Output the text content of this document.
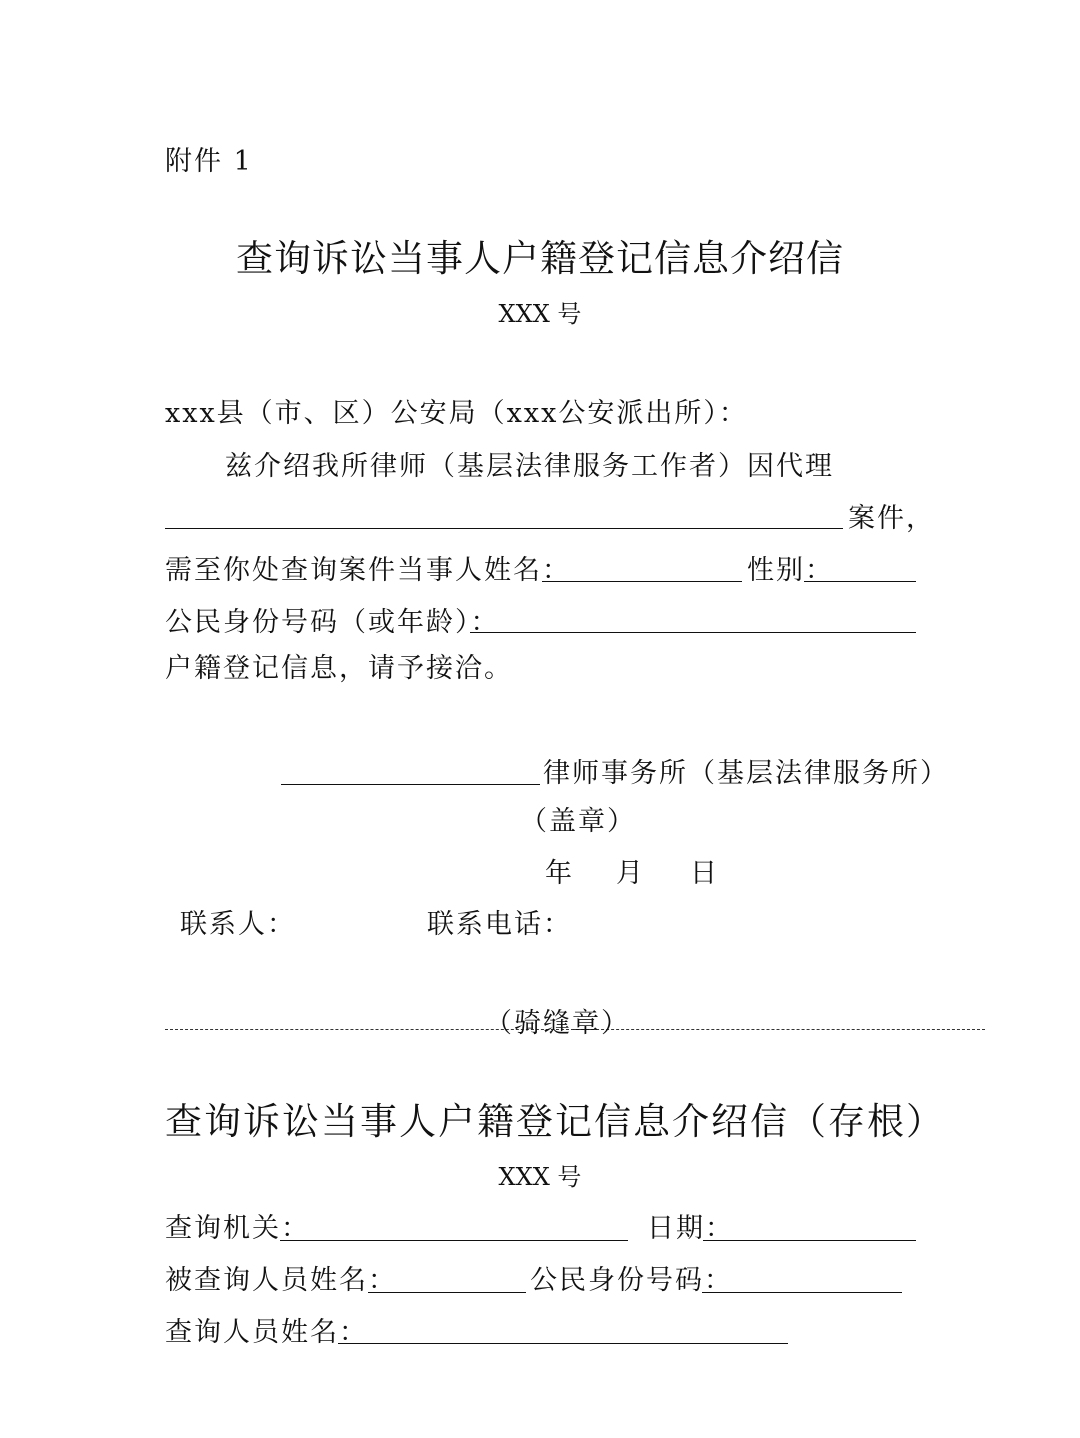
附件 1
查询诉讼当事人户籍登记信息介绍信
XXX 号
xxx县（市、区）公安局（xxx公安派出所）：
兹介绍我所律师（基层法律服务工作者）因代理
案件，
需至你处查询案件当事人姓名：	性别：
公民身份号码（或年龄）：
户籍登记信息，请予接洽。
律师事务所（基层法律服务所）
（盖章）
年 月 日
联系人：	联系电话：
（骑缝章）
查询诉讼当事人户籍登记信息介绍信（存根）
XXX 号
查询机关：	日期：
被查询人员姓名：	公民身份号码：
查询人员姓名：
